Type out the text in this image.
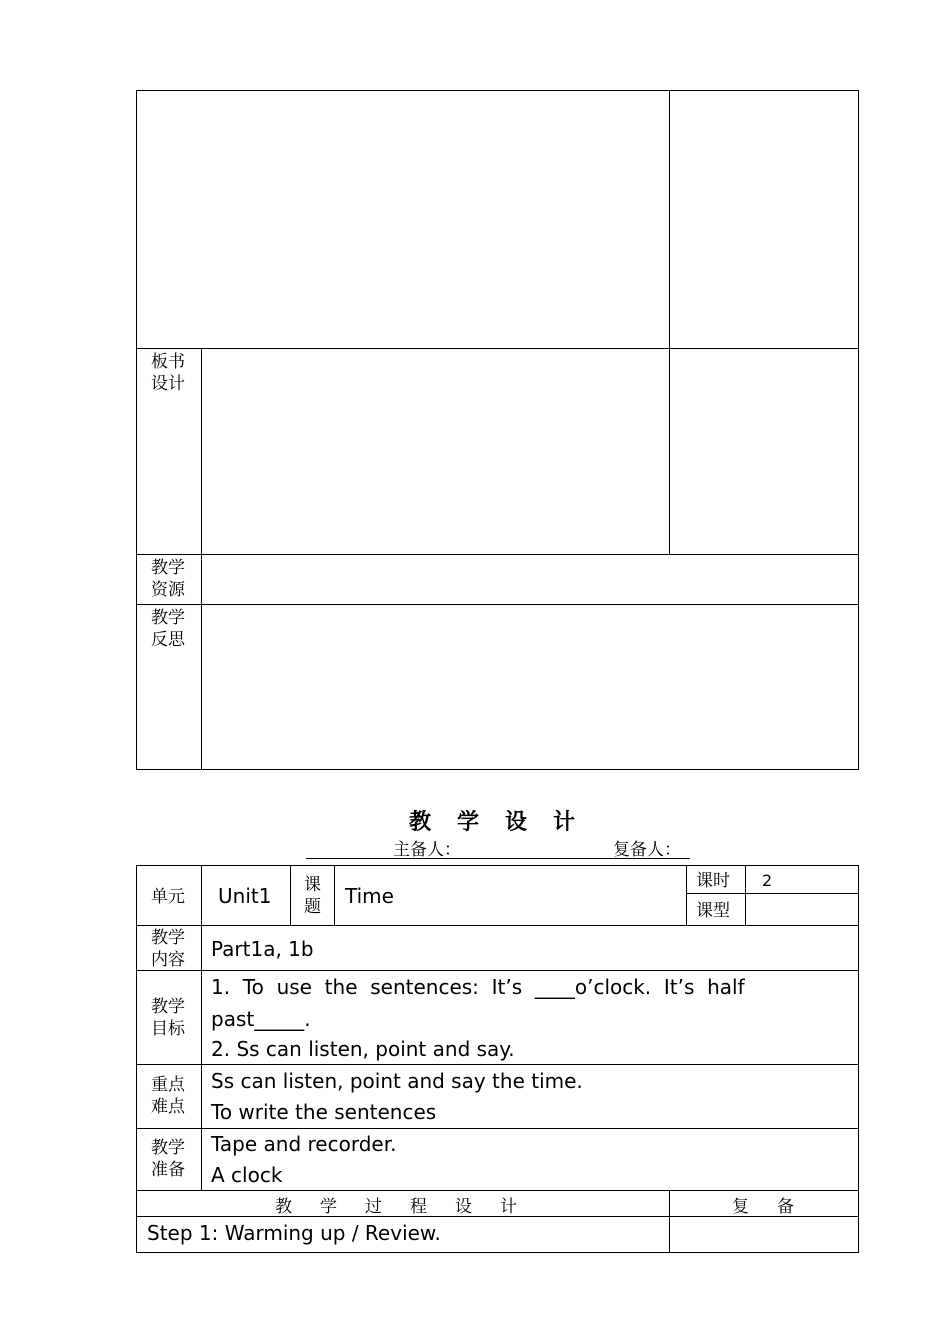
板书
设计
教学
资源
教学
反思
教学设计
主备人：	复备人：
单元 Unit1 课
题 Time
课时 2
课型
教学
内容 Part1a, 1b
教学
目标
1.  To  use  the  sentences:  It’s  ____o’clock.  It’s  half
past_____.
2. Ss can listen, point and say.
重点
难点
Ss can listen, point and say the time.
To write the sentences
教学
准备
Tape and recorder.
A clock
教学过程设计	复备
Step 1: Warming up / Review.
